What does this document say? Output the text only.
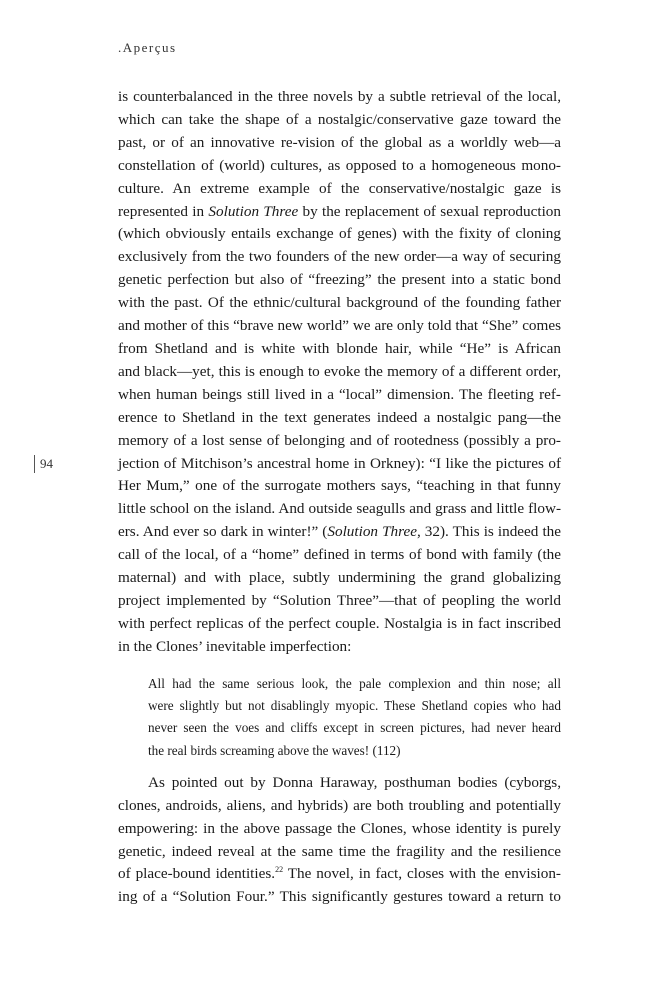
.Aperçus
94
is counterbalanced in the three novels by a subtle retrieval of the local,
which can take the shape of a nostalgic/conservative gaze toward the
past, or of an innovative re-vision of the global as a worldly web—a
constellation of (world) cultures, as opposed to a homogeneous mono-
culture. An extreme example of the conservative/nostalgic gaze is
represented in Solution Three by the replacement of sexual reproduction
(which obviously entails exchange of genes) with the fixity of cloning
exclusively from the two founders of the new order—a way of securing
genetic perfection but also of “freezing” the present into a static bond
with the past. Of the ethnic/cultural background of the founding father
and mother of this “brave new world” we are only told that “She” comes
from Shetland and is white with blonde hair, while “He” is African
and black—yet, this is enough to evoke the memory of a different order,
when human beings still lived in a “local” dimension. The fleeting ref-
erence to Shetland in the text generates indeed a nostalgic pang—the
memory of a lost sense of belonging and of rootedness (possibly a pro-
jection of Mitchison’s ancestral home in Orkney): “I like the pictures of
Her Mum,” one of the surrogate mothers says, “teaching in that funny
little school on the island. And outside seagulls and grass and little flow-
ers. And ever so dark in winter!” (Solution Three, 32). This is indeed the
call of the local, of a “home” defined in terms of bond with family (the
maternal) and with place, subtly undermining the grand globalizing
project implemented by “Solution Three”—that of peopling the world
with perfect replicas of the perfect couple. Nostalgia is in fact inscribed
in the Clones’ inevitable imperfection:
All had the same serious look, the pale complexion and thin nose; all
were slightly but not disablingly myopic. These Shetland copies who had
never seen the voes and cliffs except in screen pictures, had never heard
the real birds screaming above the waves! (112)
As pointed out by Donna Haraway, posthuman bodies (cyborgs,
clones, androids, aliens, and hybrids) are both troubling and potentially
empowering: in the above passage the Clones, whose identity is purely
genetic, indeed reveal at the same time the fragility and the resilience
of place-bound identities.$^{22}$ The novel, in fact, closes with the envision-
ing of a “Solution Four.” This significantly gestures toward a return to
